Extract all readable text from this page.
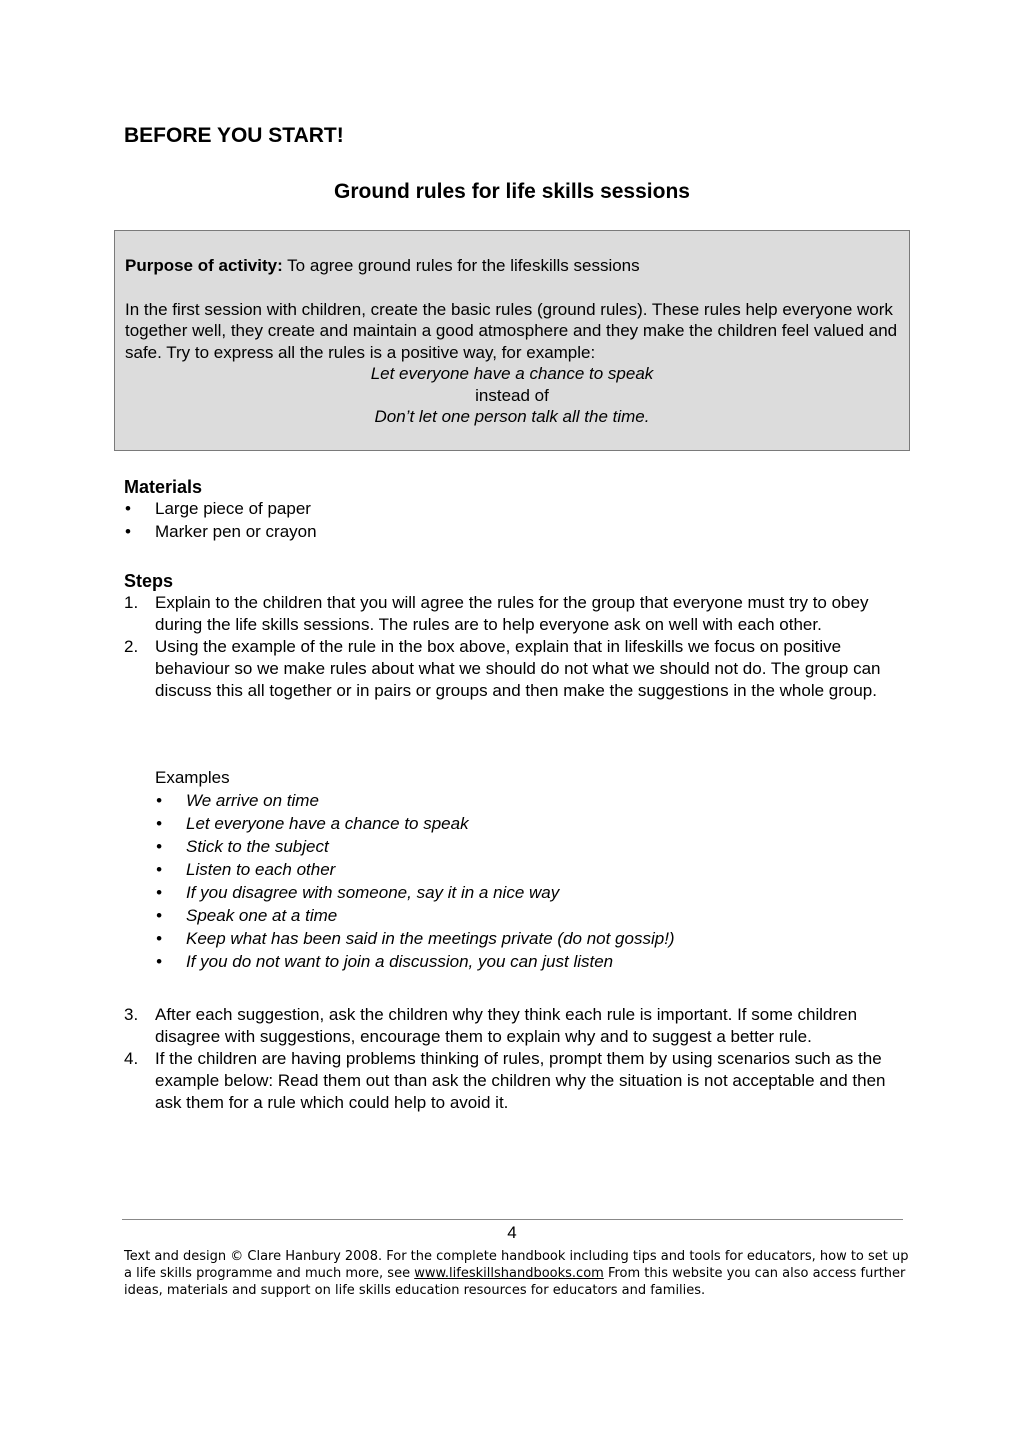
BEFORE YOU START!
Ground rules for life skills sessions

Purpose of activity: To agree ground rules for the lifeskills sessions

In the first session with children, create the basic rules (ground rules). These rules help everyone work together well, they create and maintain a good atmosphere and they make the children feel valued and safe. Try to express all the rules is a positive way, for example:

Let everyone have a chance to speak

instead of

Don’t let one person talk all the time.

Materials
• Large piece of paper
• Marker pen or crayon
Steps
1. Explain to the children that you will agree the rules for the group that everyone must try to obey during the life skills sessions. The rules are to help everyone ask on well with each other.
2. Using the example of the rule in the box above, explain that in lifeskills we focus on positive behaviour so we make rules about what we should do not what we should not do. The group can discuss this all together or in pairs or groups and then make the suggestions in the whole group.

Examples

• We arrive on time
• Let everyone have a chance to speak
• Stick to the subject
• Listen to each other
• If you disagree with someone, say it in a nice way
• Speak one at a time
• Keep what has been said in the meetings private (do not gossip!)
• If you do not want to join a discussion, you can just listen
3. After each suggestion, ask the children why they think each rule is important. If some children disagree with suggestions, encourage them to explain why and to suggest a better rule.
4. If the children are having problems thinking of rules, prompt them by using scenarios such as the example below: Read them out than ask the children why the situation is not acceptable and then ask them for a rule which could help to avoid it.
4

Text and design © Clare Hanbury 2008. For the complete handbook including tips and tools for educators, how to set up a life skills programme and much more, see www.lifeskillshandbooks.com From this website you can also access further ideas, materials and support on life skills education resources for educators and families.
